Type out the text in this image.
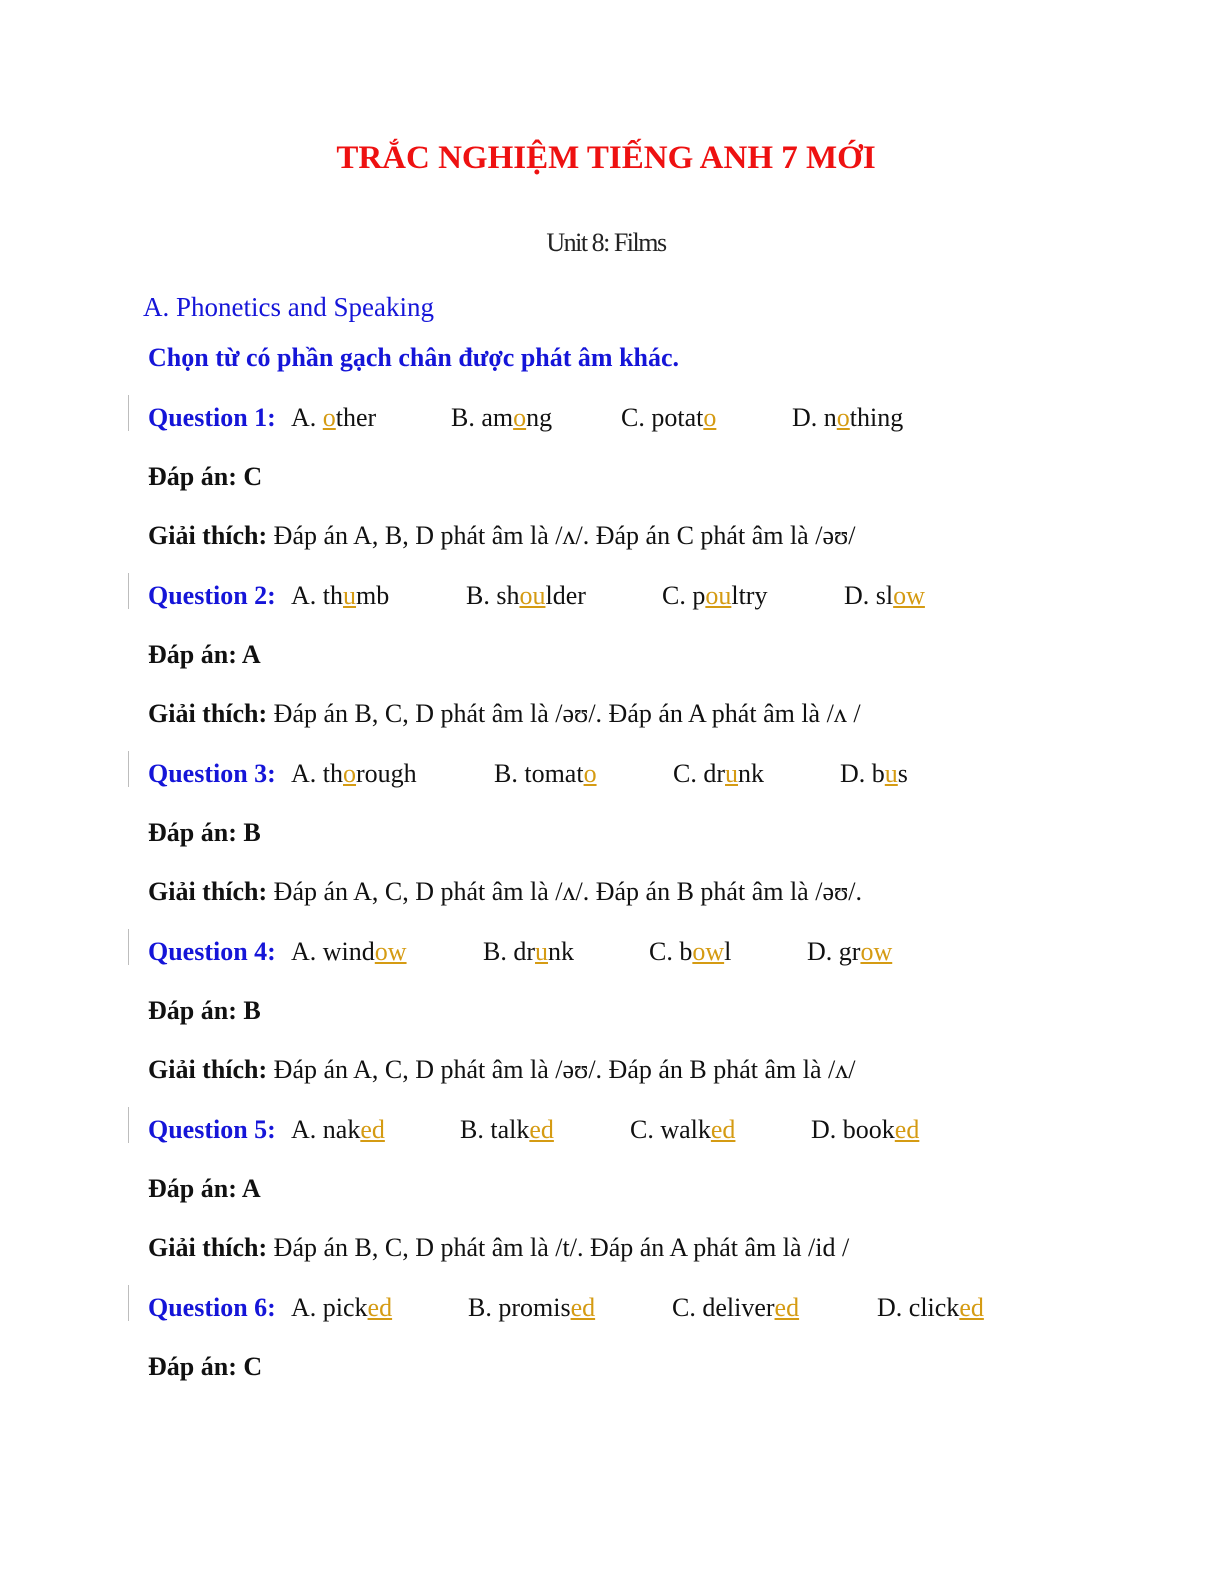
TRẮC NGHIỆM TIẾNG ANH 7 MỚI
Unit 8: Films
A. Phonetics and Speaking
Chọn từ có phần gạch chân được phát âm khác.
Question 1: A. other	B. among	C. potato	D. nothing
Đáp án: C
Giải thích: Đáp án A, B, D phát âm là /ʌ/. Đáp án C phát âm là /əʊ/
Question 2: A. thumb	B. shoulder	C. poultry	D. slow
Đáp án: A
Giải thích: Đáp án B, C, D phát âm là /əʊ/. Đáp án A phát âm là /ʌ /
Question 3: A. thorough	B. tomato	C. drunk	D. bus
Đáp án: B
Giải thích: Đáp án A, C, D phát âm là /ʌ/. Đáp án B phát âm là /əʊ/.
Question 4: A. window	B. drunk	C. bowl	D. grow
Đáp án: B
Giải thích: Đáp án A, C, D phát âm là /əʊ/. Đáp án B phát âm là /ʌ/
Question 5: A. naked	B. talked	C. walked	D. booked
Đáp án: A
Giải thích: Đáp án B, C, D phát âm là /t/. Đáp án A phát âm là /id /
Question 6: A. picked	B. promised	C. delivered	D. clicked
Đáp án: C
